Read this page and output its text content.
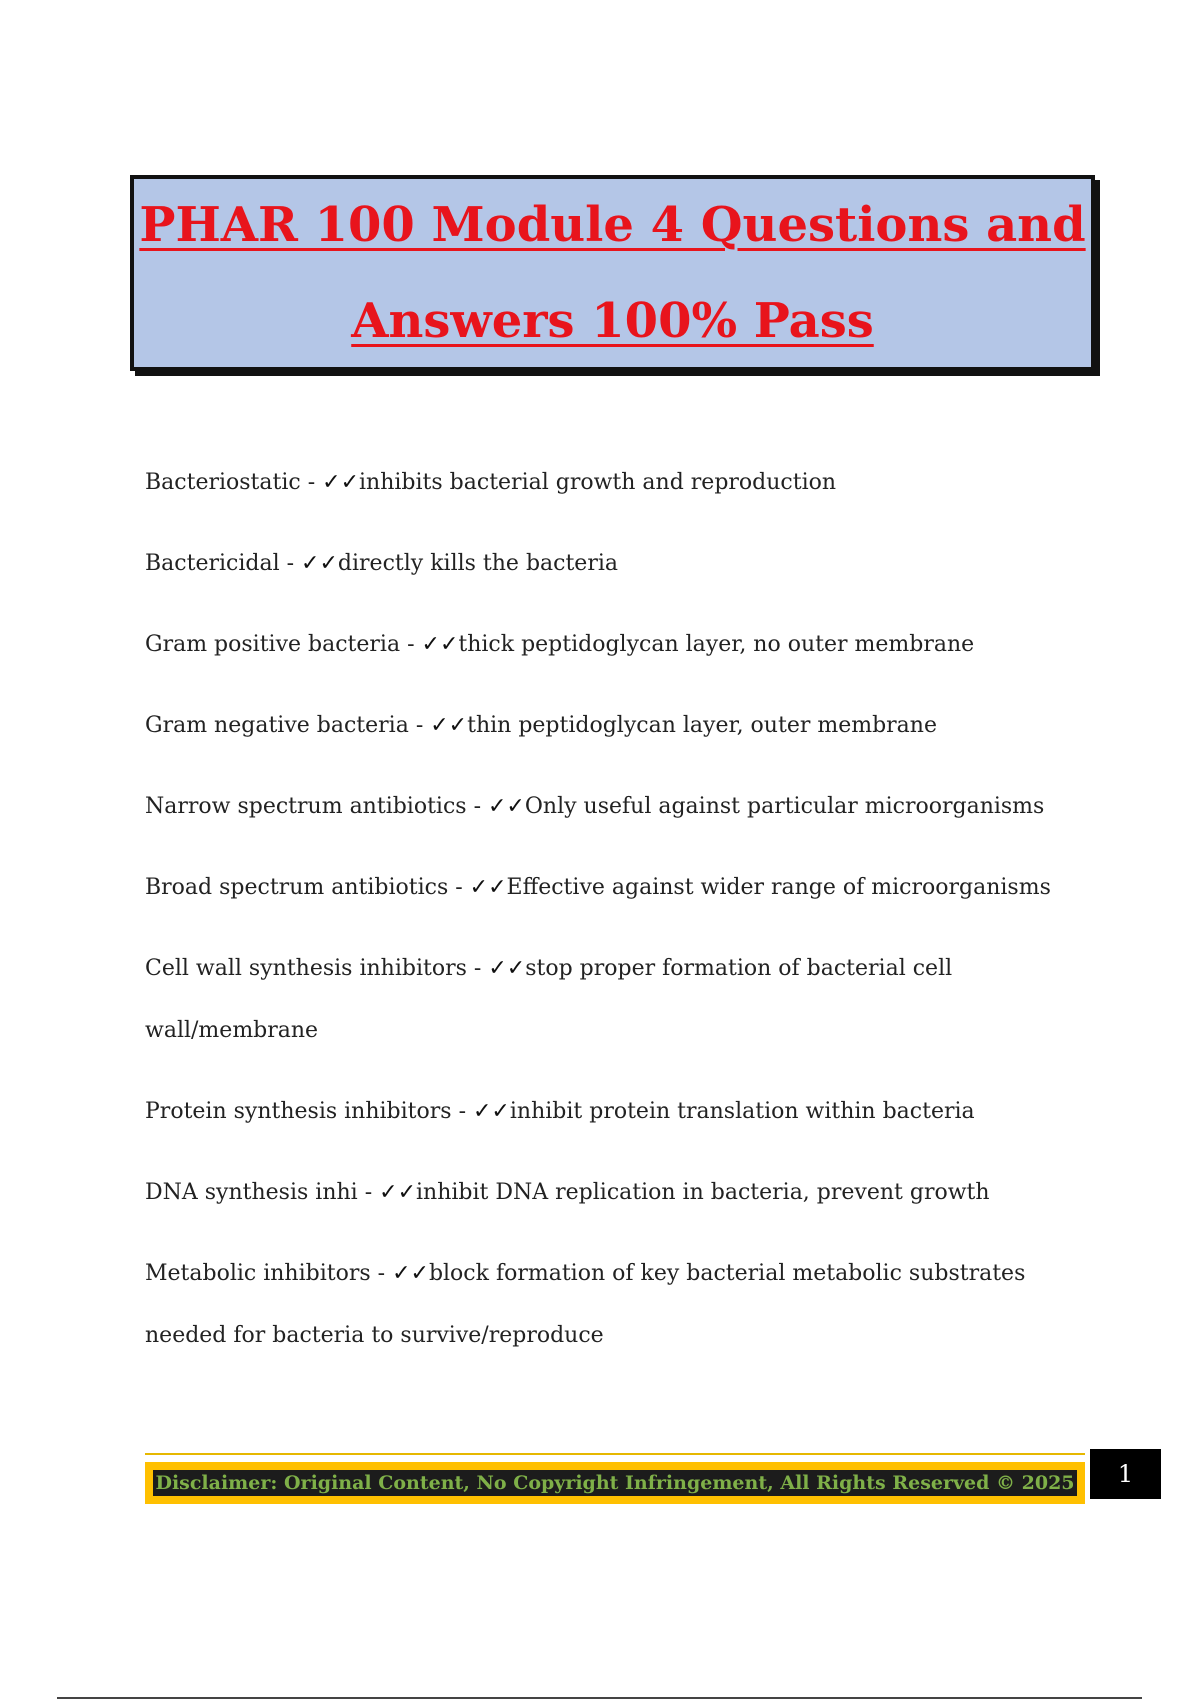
PHAR 100 Module 4 Questions and
Answers 100% Pass
Bacteriostatic - ✓✓inhibits bacterial growth and reproduction
Bactericidal - ✓✓directly kills the bacteria
Gram positive bacteria - ✓✓thick peptidoglycan layer, no outer membrane
Gram negative bacteria - ✓✓thin peptidoglycan layer, outer membrane
Narrow spectrum antibiotics - ✓✓Only useful against particular microorganisms
Broad spectrum antibiotics - ✓✓Effective against wider range of microorganisms
Cell wall synthesis inhibitors - ✓✓stop proper formation of bacterial cell wall/membrane
Protein synthesis inhibitors - ✓✓inhibit protein translation within bacteria
DNA synthesis inhi - ✓✓inhibit DNA replication in bacteria, prevent growth
Metabolic inhibitors - ✓✓block formation of key bacterial metabolic substrates needed for bacteria to survive/reproduce
Disclaimer: Original Content, No Copyright Infringement, All Rights Reserved © 2025	1
